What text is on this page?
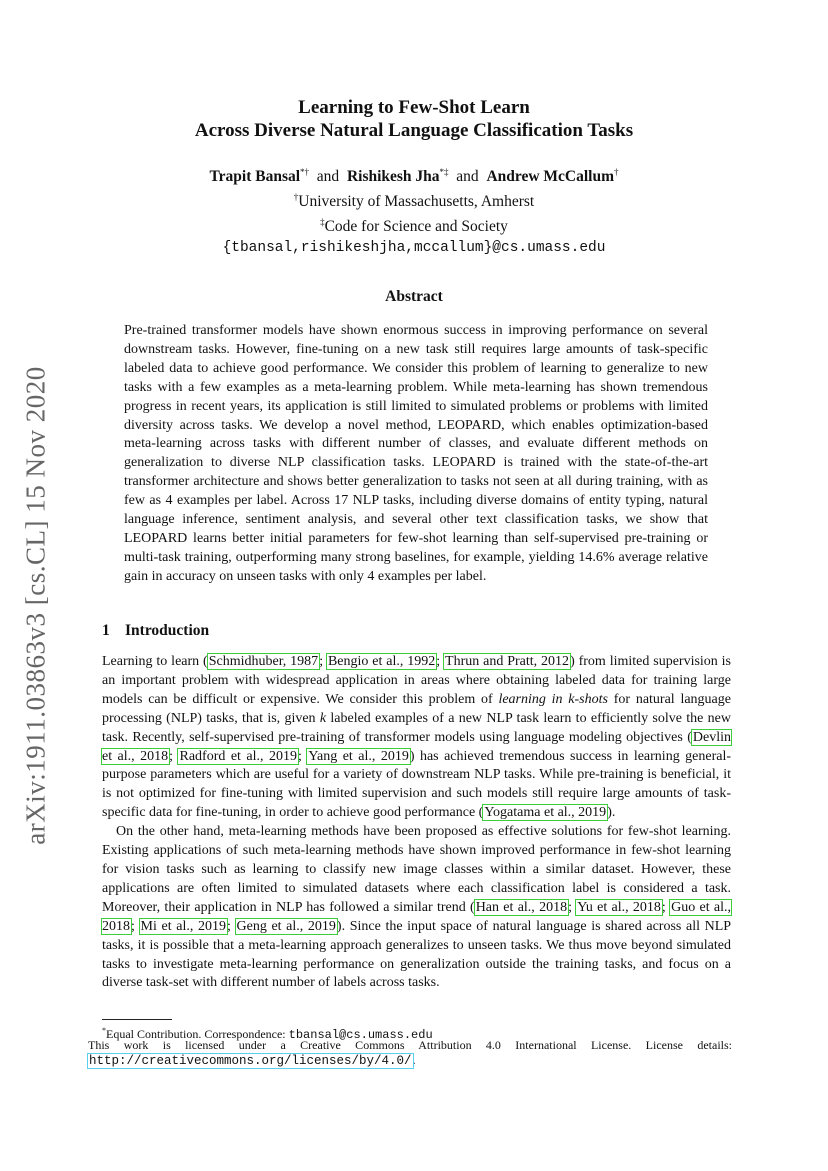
arXiv:1911.03863v3 [cs.CL] 15 Nov 2020
Learning to Few-Shot Learn
Across Diverse Natural Language Classification Tasks
Trapit Bansal*† and Rishikesh Jha*‡ and Andrew McCallum†
†University of Massachusetts, Amherst
‡Code for Science and Society
{tbansal,rishikeshjha,mccallum}@cs.umass.edu
Abstract
Pre-trained transformer models have shown enormous success in improving performance on several downstream tasks. However, fine-tuning on a new task still requires large amounts of task-specific labeled data to achieve good performance. We consider this problem of learning to generalize to new tasks with a few examples as a meta-learning problem. While meta-learning has shown tremendous progress in recent years, its application is still limited to simulated problems or problems with limited diversity across tasks. We develop a novel method, LEOPARD, which enables optimization-based meta-learning across tasks with different number of classes, and evaluate different methods on generalization to diverse NLP classification tasks. LEOPARD is trained with the state-of-the-art transformer architecture and shows better generalization to tasks not seen at all during training, with as few as 4 examples per label. Across 17 NLP tasks, including diverse domains of entity typing, natural language inference, sentiment analysis, and several other text classification tasks, we show that LEOPARD learns better initial parameters for few-shot learning than self-supervised pre-training or multi-task training, outperforming many strong baselines, for example, yielding 14.6% average relative gain in accuracy on unseen tasks with only 4 examples per label.
1 Introduction

Learning to learn (Schmidhuber, 1987; Bengio et al., 1992; Thrun and Pratt, 2012) from limited supervision is an important problem with widespread application in areas where obtaining labeled data for training large models can be difficult or expensive. We consider this problem of learning in k-shots for natural language processing (NLP) tasks, that is, given k labeled examples of a new NLP task learn to efficiently solve the new task. Recently, self-supervised pre-training of transformer models using language modeling objectives (Devlin et al., 2018; Radford et al., 2019; Yang et al., 2019) has achieved tremendous success in learning general-purpose parameters which are useful for a variety of downstream NLP tasks. While pre-training is beneficial, it is not optimized for fine-tuning with limited supervision and such models still require large amounts of task-specific data for fine-tuning, in order to achieve good performance (Yogatama et al., 2019).

On the other hand, meta-learning methods have been proposed as effective solutions for few-shot learning. Existing applications of such meta-learning methods have shown improved performance in few-shot learning for vision tasks such as learning to classify new image classes within a similar dataset. However, these applications are often limited to simulated datasets where each classification label is considered a task. Moreover, their application in NLP has followed a similar trend (Han et al., 2018; Yu et al., 2018; Guo et al., 2018; Mi et al., 2019; Geng et al., 2019). Since the input space of natural language is shared across all NLP tasks, it is possible that a meta-learning approach generalizes to unseen tasks. We thus move beyond simulated tasks to investigate meta-learning performance on generalization outside the training tasks, and focus on a diverse task-set with different number of labels across tasks.

*Equal Contribution. Correspondence: tbansal@cs.umass.edu
This work is licensed under a Creative Commons Attribution 4.0 International License. License details: http://creativecommons.org/licenses/by/4.0/.
